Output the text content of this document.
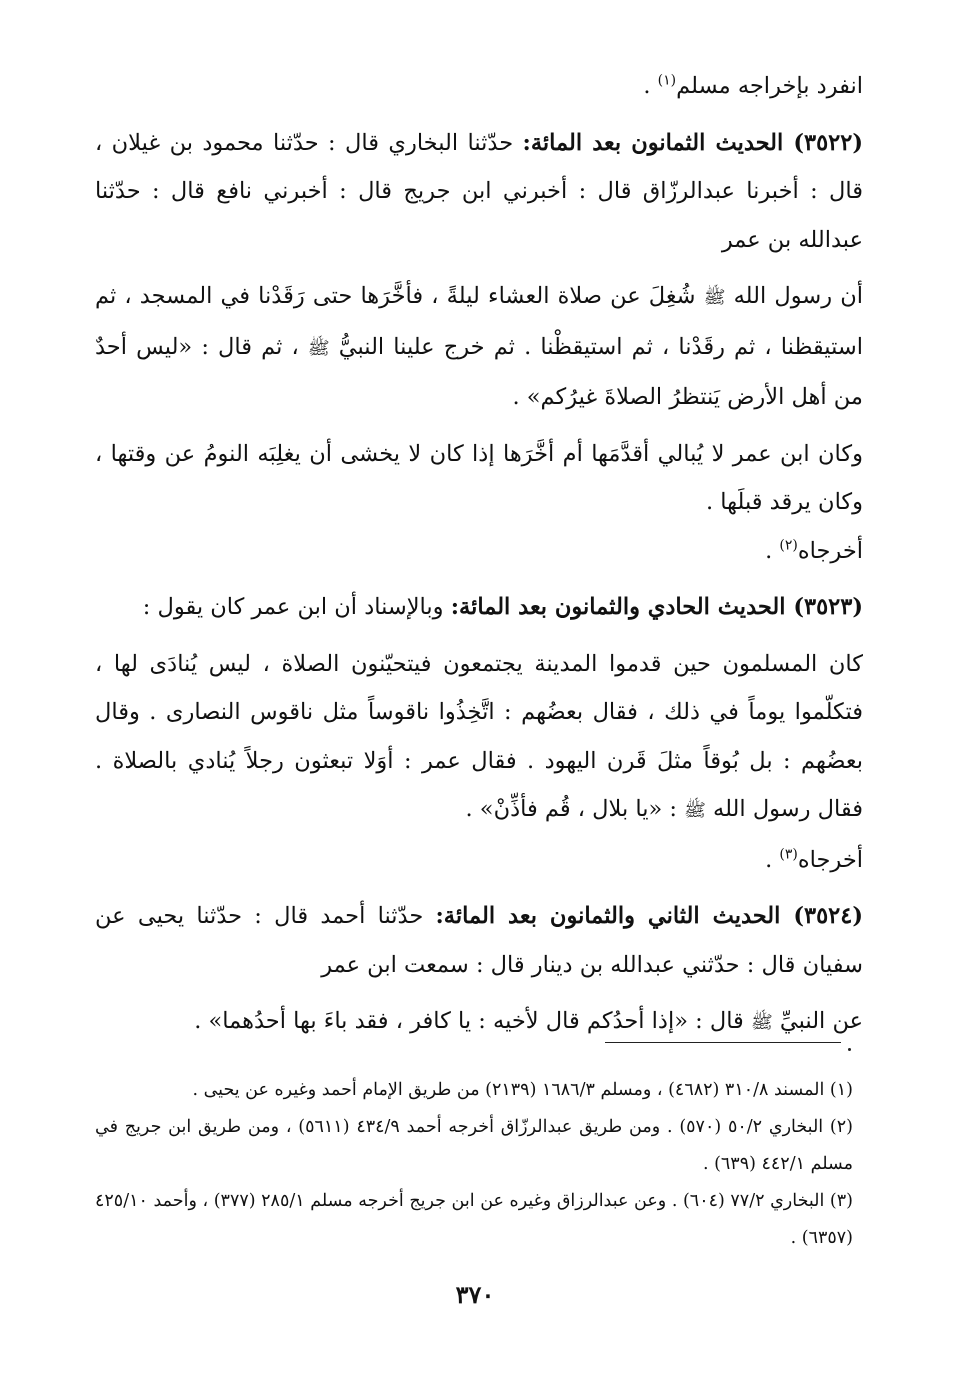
انفرد بإخراجه مسلم$^{(١)}$ .

(٣٥٢٢) الحديث الثمانون بعد المائة: حدّثنا البخاري قال : حدّثنا محمود بن غيلان ، قال : أخبرنا عبدالرزّاق قال : أخبرني ابن جريج قال : أخبرني نافع قال : حدّثنا عبدالله بن عمر

أن رسول الله ﷺ شُغِلَ عن صلاة العشاء ليلةً ، فأخَّرَها حتى رَقَدْنا في المسجد ، ثم استيقظنا ، ثم رقَدْنا ، ثم استيقظْنا . ثم خرج علينا النبيُّ ﷺ ، ثم قال : «ليس أحدٌ من أهل الأرض يَنتظرُ الصلاةَ غيرُكم» .

وكان ابن عمر لا يُبالي أقدَّمَها أم أخَّرَها إذا كان لا يخشى أن يغلِبَه النومُ عن وقتها ، وكان يرقد قبلَها .

أخرجاه$^{(٢)}$ .

(٣٥٢٣) الحديث الحادي والثمانون بعد المائة: وبالإسناد أن ابن عمر كان يقول :

كان المسلمون حين قدموا المدينة يجتمعون فيتحيّنون الصلاة ، ليس يُنادَى لها ، فتكلّموا يوماً في ذلك ، فقال بعضُهم : اتَّخِذُوا ناقوساً مثل ناقوس النصارى . وقال بعضُهم : بل بُوقاً مثلَ قَرن اليهود . فقال عمر : أوَلا تبعثون رجلاً يُنادي بالصلاة . فقال رسول الله ﷺ : «يا بلال ، قُم فأذِّنْ» .

أخرجاه$^{(٣)}$ .

(٣٥٢٤) الحديث الثاني والثمانون بعد المائة: حدّثنا أحمد قال : حدّثنا يحيى عن سفيان قال : حدّثني عبدالله بن دينار قال : سمعت ابن عمر

عن النبيِّ ﷺ قال : «إذا أحدُكم قال لأخيه : يا كافر ، فقد باءَ بها أحدُهما» .

(١) المسند ٣١٠/٨ (٤٦٨٢) ، ومسلم ١٦٨٦/٣ (٢١٣٩) من طريق الإمام أحمد وغيره عن يحيى .

(٢) البخاري ٥٠/٢ (٥٧٠) . ومن طريق عبدالرزّاق أخرجه أحمد ٤٣٤/٩ (٥٦١١) ، ومن طريق ابن جريج في مسلم ٤٤٢/١ (٦٣٩) .

(٣) البخاري ٧٧/٢ (٦٠٤) . وعن عبدالرزاق وغيره عن ابن جريج أخرجه مسلم ٢٨٥/١ (٣٧٧) ، وأحمد ٤٢٥/١٠ (٦٣٥٧) .

٣٧٠
